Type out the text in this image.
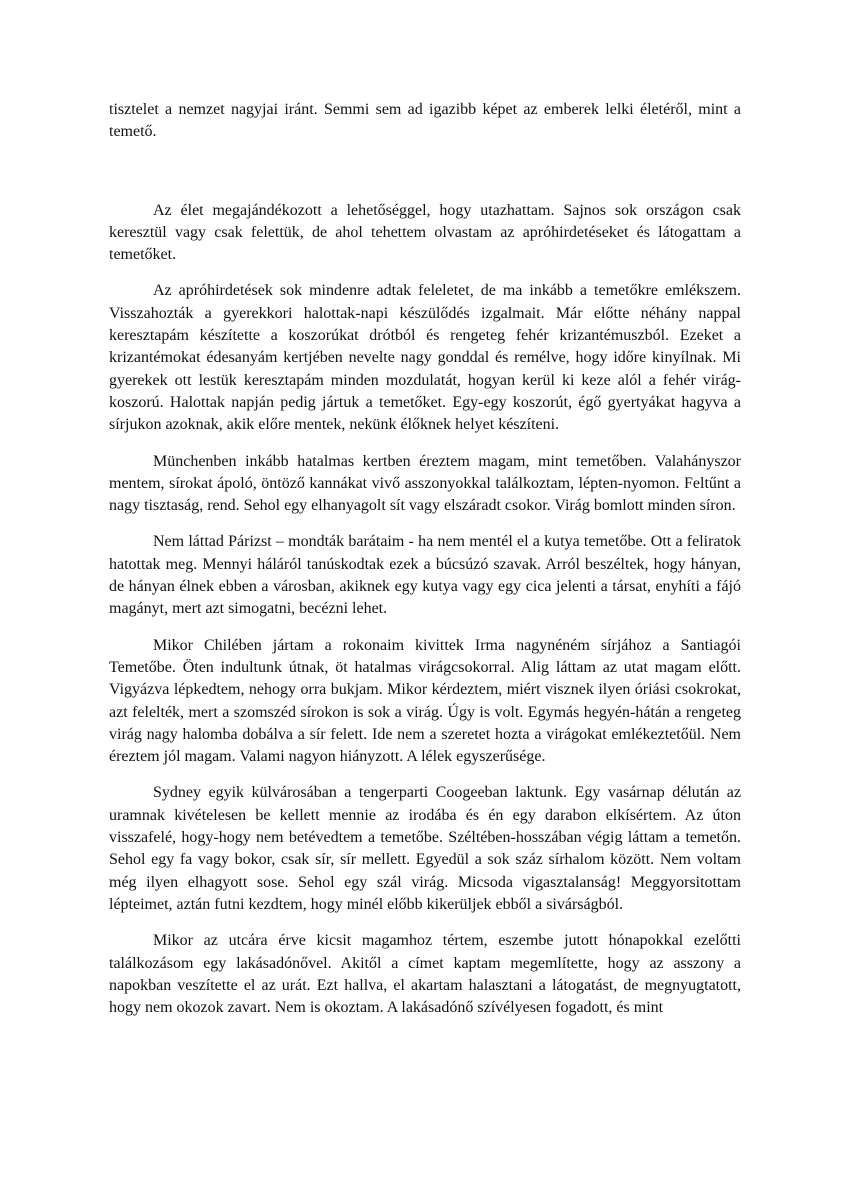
tisztelet a nemzet nagyjai iránt. Semmi sem ad igazibb képet az emberek lelki életéről, mint a temető.

Az élet megajándékozott a lehetőséggel, hogy utazhattam. Sajnos sok országon csak keresztül vagy csak felettük, de ahol tehettem olvastam az apróhirdetéseket és látogattam a temetőket.

Az apróhirdetések sok mindenre adtak feleletet, de ma inkább a temetőkre emlékszem. Visszahozták a gyerekkori halottak-napi készülődés izgalmait. Már előtte néhány nappal keresztapám készítette a koszorúkat drótból és rengeteg fehér krizantémuszból. Ezeket a krizantémokat édesanyám kertjében nevelte nagy gonddal és remélve, hogy időre kinyílnak. Mi gyerekek ott lestük keresztapám minden mozdulatát, hogyan kerül ki keze alól a fehér virág-koszorú. Halottak napján pedig jártuk a temetőket. Egy-egy koszorút, égő gyertyákat hagyva a sírjukon azoknak, akik előre mentek, nekünk élőknek helyet készíteni.

Münchenben inkább hatalmas kertben éreztem magam, mint temetőben. Valahányszor mentem, sírokat ápoló, öntöző kannákat vivő asszonyokkal találkoztam, lépten-nyomon. Feltűnt a nagy tisztaság, rend. Sehol egy elhanyagolt sít vagy elszáradt csokor. Virág bomlott minden síron.

Nem láttad Párizst – mondták barátaim - ha nem mentél el a kutya temetőbe. Ott a feliratok hatottak meg. Mennyi háláról tanúskodtak ezek a búcsúzó szavak. Arról beszéltek, hogy hányan, de hányan élnek ebben a városban, akiknek egy kutya vagy egy cica jelenti a társat, enyhíti a fájó magányt, mert azt simogatni, becézni lehet.

Mikor Chilében jártam a rokonaim kivittek Irma nagynéném sírjához a Santiagói Temetőbe. Öten indultunk útnak, öt hatalmas virágcsokorral. Alig láttam az utat magam előtt. Vigyázva lépkedtem, nehogy orra bukjam. Mikor kérdeztem, miért visznek ilyen óriási csokrokat, azt felelték, mert a szomszéd sírokon is sok a virág. Úgy is volt. Egymás hegyén-hátán a rengeteg virág nagy halomba dobálva a sír felett. Ide nem a szeretet hozta a virágokat emlékeztetőül. Nem éreztem jól magam. Valami nagyon hiányzott. A lélek egyszerűsége.

Sydney egyik külvárosában a tengerparti Coogeeban laktunk. Egy vasárnap délután az uramnak kivételesen be kellett mennie az irodába és én egy darabon elkísértem. Az úton visszafelé, hogy-hogy nem betévedtem a temetőbe. Széltében-hosszában végig láttam a temetőn. Sehol egy fa vagy bokor, csak sír, sír mellett. Egyedül a sok száz sírhalom között. Nem voltam még ilyen elhagyott sose. Sehol egy szál virág. Micsoda vigasztalanság! Meggyorsitottam lépteimet, aztán futni kezdtem, hogy minél előbb kikerüljek ebből a sivárságból.

Mikor az utcára érve kicsit magamhoz tértem, eszembe jutott hónapokkal ezelőtti találkozásom egy lakásadónővel. Akitől a címet kaptam megemlítette, hogy az asszony a napokban veszítette el az urát. Ezt hallva, el akartam halasztani a látogatást, de megnyugtatott, hogy nem okozok zavart. Nem is okoztam. A lakásadónő szívélyesen fogadott, és mint
